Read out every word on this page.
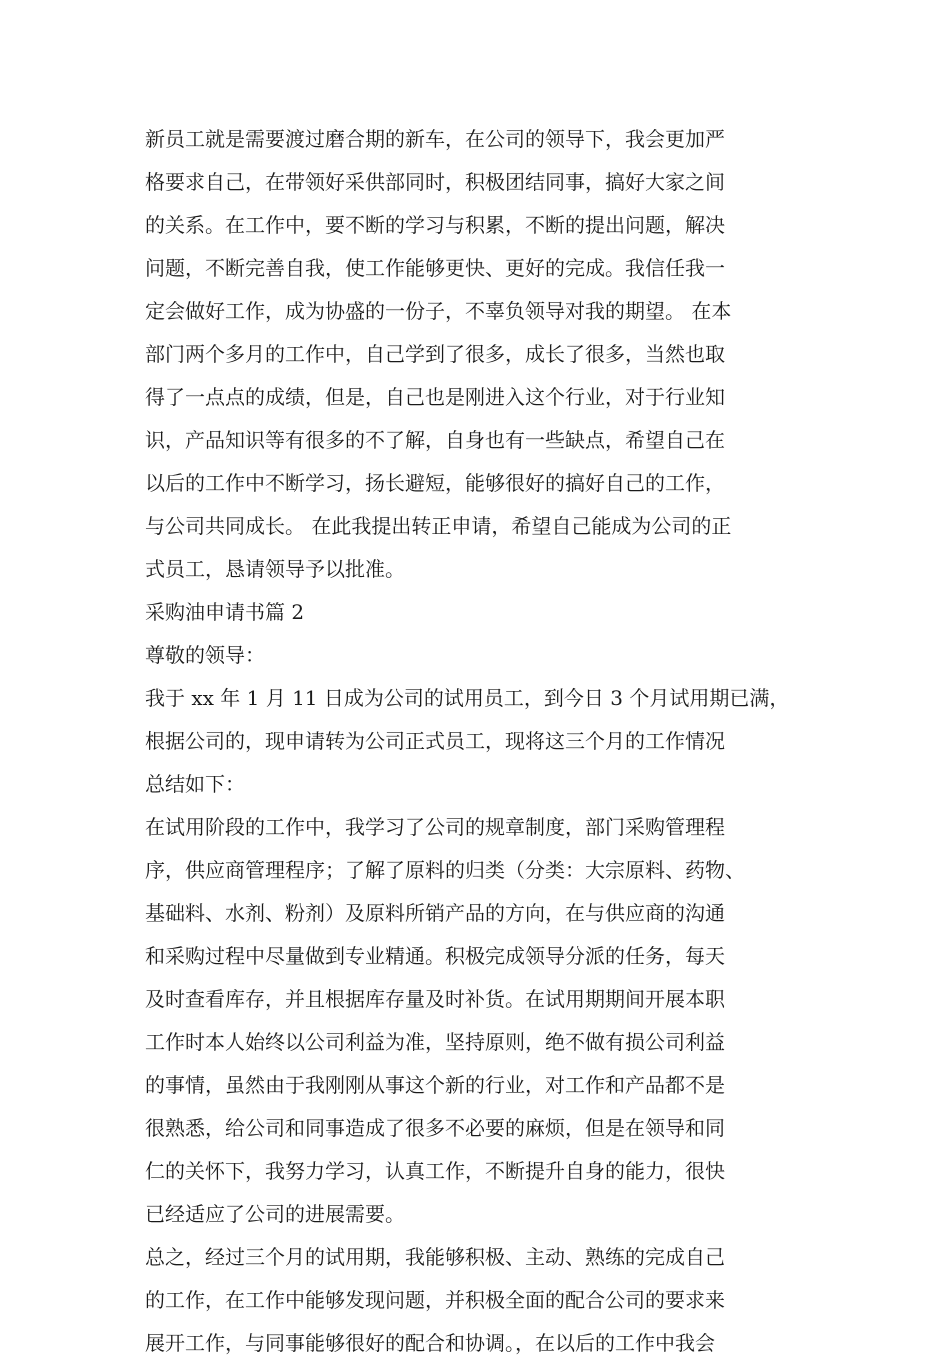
新员工就是需要渡过磨合期的新车，在公司的领导下，我会更加严
格要求自己，在带领好采供部同时，积极团结同事，搞好大家之间
的关系。在工作中，要不断的学习与积累，不断的提出问题，解决
问题，不断完善自我，使工作能够更快、更好的完成。我信任我一
定会做好工作，成为协盛的一份子，不辜负领导对我的期望。 在本
部门两个多月的工作中，自己学到了很多，成长了很多，当然也取
得了一点点的成绩，但是，自己也是刚进入这个行业，对于行业知
识，产品知识等有很多的不了解，自身也有一些缺点，希望自己在
以后的工作中不断学习，扬长避短，能够很好的搞好自己的工作，
与公司共同成长。 在此我提出转正申请，希望自己能成为公司的正
式员工，恳请领导予以批准。
采购油申请书篇 2
尊敬的领导：
我于 xx 年 1 月 11 日成为公司的试用员工，到今日 3 个月试用期已满，
根据公司的，现申请转为公司正式员工，现将这三个月的工作情况
总结如下：
在试用阶段的工作中，我学习了公司的规章制度，部门采购管理程
序，供应商管理程序；了解了原料的归类（分类：大宗原料、药物、
基础料、水剂、粉剂）及原料所销产品的方向，在与供应商的沟通
和采购过程中尽量做到专业精通。积极完成领导分派的任务，每天
及时查看库存，并且根据库存量及时补货。在试用期期间开展本职
工作时本人始终以公司利益为准，坚持原则，绝不做有损公司利益
的事情，虽然由于我刚刚从事这个新的行业，对工作和产品都不是
很熟悉，给公司和同事造成了很多不必要的麻烦，但是在领导和同
仁的关怀下，我努力学习，认真工作，不断提升自身的能力，很快
已经适应了公司的进展需要。
总之，经过三个月的试用期，我能够积极、主动、熟练的完成自己
的工作，在工作中能够发现问题，并积极全面的配合公司的要求来
展开工作，与同事能够很好的配合和协调。，在以后的工作中我会
